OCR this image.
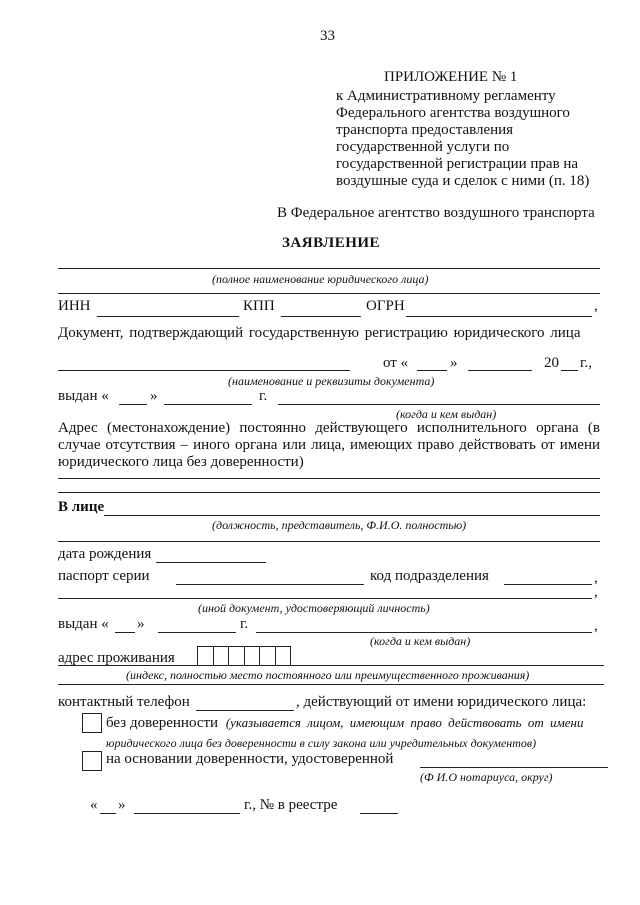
33
ПРИЛОЖЕНИЕ № 1
к Административному регламенту
Федерального агентства воздушного
транспорта предоставления
государственной услуги по
государственной регистрации прав на
воздушные суда и сделок с ними (п. 18)
В Федеральное агентство воздушного транспорта
ЗАЯВЛЕНИЕ
(полное наименование юридического лица)
ИНН	КПП	ОГРН	,
Документ, подтверждающий государственную регистрацию юридического лица
от «	»	20 г.,
(наименование и реквизиты документа)
выдан «	»	г.
(когда и кем выдан)
Адрес (местонахождение) постоянно действующего исполнительного органа (в случае отсутствия – иного органа или лица, имеющих право действовать от имени юридического лица без доверенности)
В лице
(должность, представитель, Ф.И.О. полностью)
дата рождения
паспорт серии	код подразделения	,
,
(иной документ, удостоверяющий личность)
выдан « »	г.	,
(когда и кем выдан)
адрес проживания
(индекс, полностью место постоянного или преимущественного проживания)
контактный телефон	, действующий от имени юридического лица:
без доверенности (указывается лицом, имеющим право действовать от имени
юридического лица без доверенности в силу закона или учредительных документов)
на основании доверенности, удостоверенной
(Ф И.О нотариуса, округ)
« »	г., № в реестре
